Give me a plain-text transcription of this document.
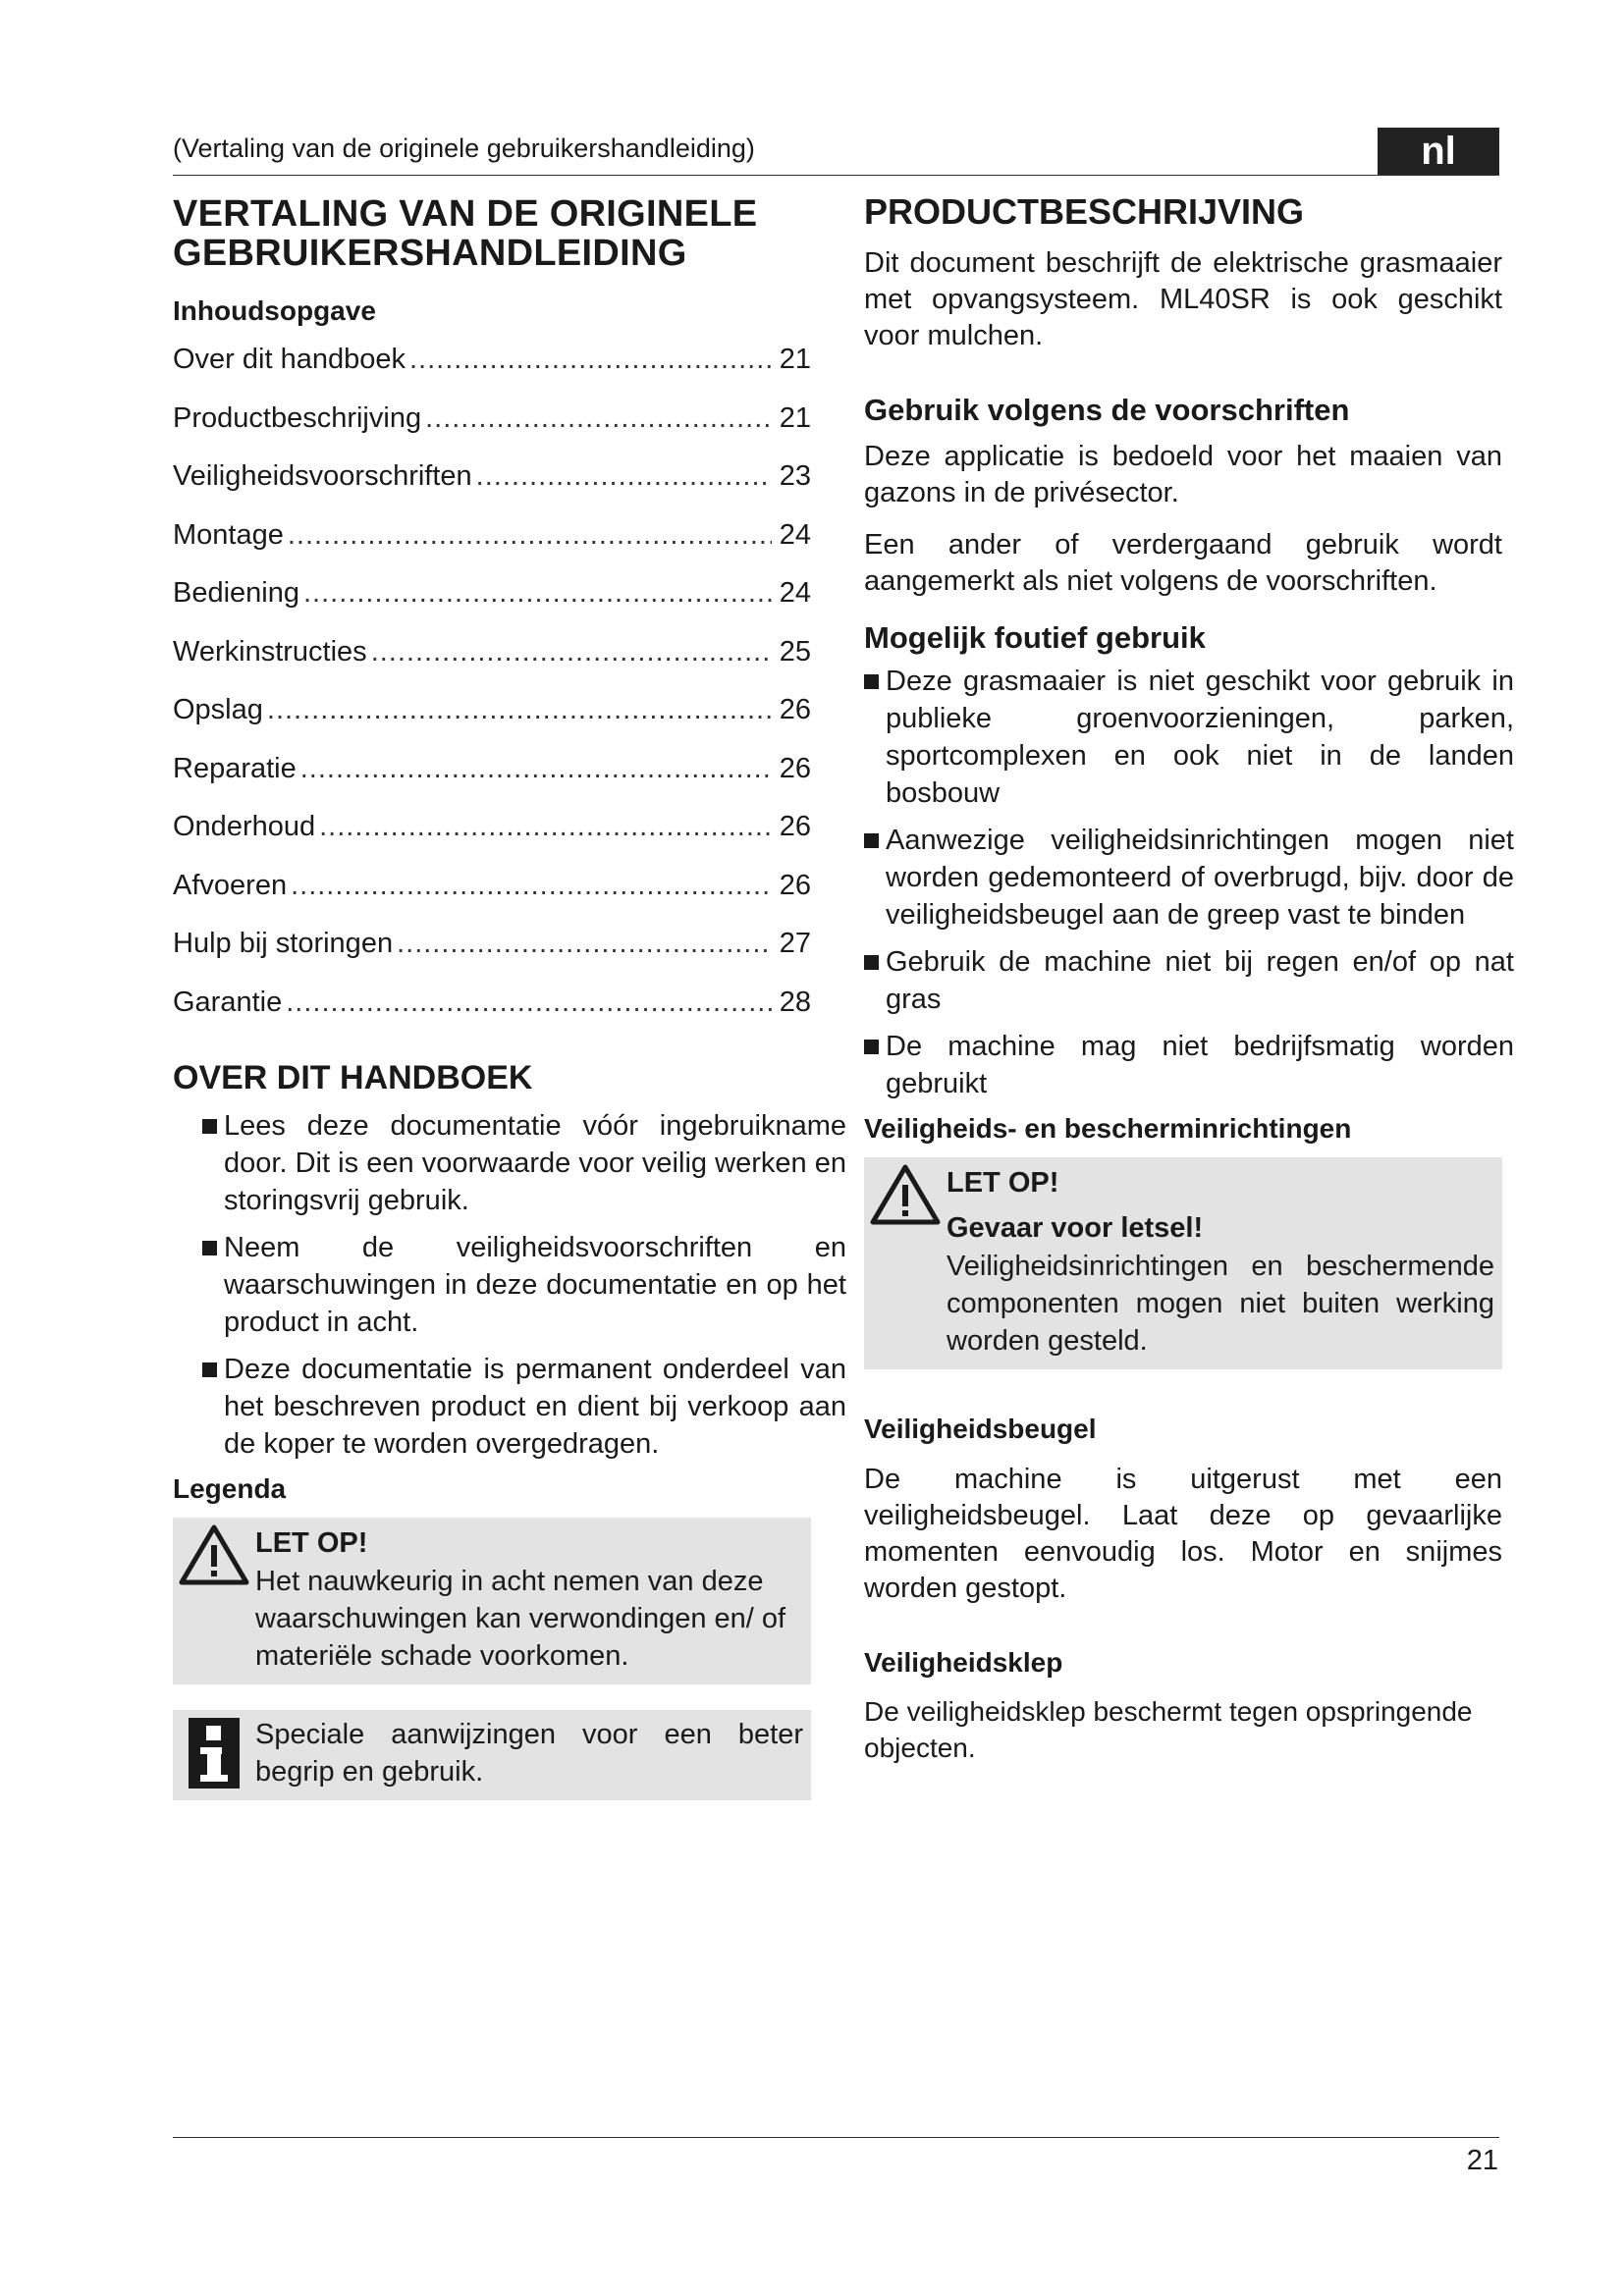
(Vertaling van de originele gebruikershandleiding)	nl
VERTALING VAN DE ORIGINELE
GEBRUIKERSHANDLEIDING
Inhoudsopgave
Over dit handboek .....	21
Productbeschrijving .....	21
Veiligheidsvoorschriften .....	23
Montage .....	24
Bediening .....	24
Werkinstructies .....	25
Opslag .....	26
Reparatie .....	26
Onderhoud .....	26
Afvoeren .....	26
Hulp bij storingen .....	27
Garantie .....	28
OVER DIT HANDBOEK
Lees deze documentatie vóór ingebruikname door. Dit is een voorwaarde voor veilig werken en storingsvrij gebruik.
Neem de veiligheidsvoorschriften en waarschuwingen in deze documentatie en op het product in acht.
Deze documentatie is permanent onderdeel van het beschreven product en dient bij verkoop aan de koper te worden overgedragen.
Legenda
LET OP!

Het nauwkeurig in acht nemen van deze waarschuwingen kan verwondingen en/ of materiële schade voorkomen.

Speciale aanwijzingen voor een beter begrip en gebruik.

PRODUCTBESCHRIJVING

Dit document beschrijft de elektrische grasmaaier met opvangsysteem. ML40SR is ook geschikt voor mulchen.

Gebruik volgens de voorschriften

Deze applicatie is bedoeld voor het maaien van gazons in de privésector.

Een ander of verdergaand gebruik wordt aangemerkt als niet volgens de voorschriften.

Mogelijk foutief gebruik
Deze grasmaaier is niet geschikt voor gebruik in publieke groenvoorzieningen, parken, sportcomplexen en ook niet in de landen bosbouw
Aanwezige veiligheidsinrichtingen mogen niet worden gedemonteerd of overbrugd, bijv. door de veiligheidsbeugel aan de greep vast te binden
Gebruik de machine niet bij regen en/of op nat gras
De machine mag niet bedrijfsmatig worden gebruikt
Veiligheids- en bescherminrichtingen
LET OP!
Gevaar voor letsel!

Veiligheidsinrichtingen en beschermende componenten mogen niet buiten werking worden gesteld.

Veiligheidsbeugel

De machine is uitgerust met een veiligheidsbeugel. Laat deze op gevaarlijke momenten eenvoudig los. Motor en snijmes worden gestopt.

Veiligheidsklep

De veiligheidsklep beschermt tegen opspringende objecten.

21
